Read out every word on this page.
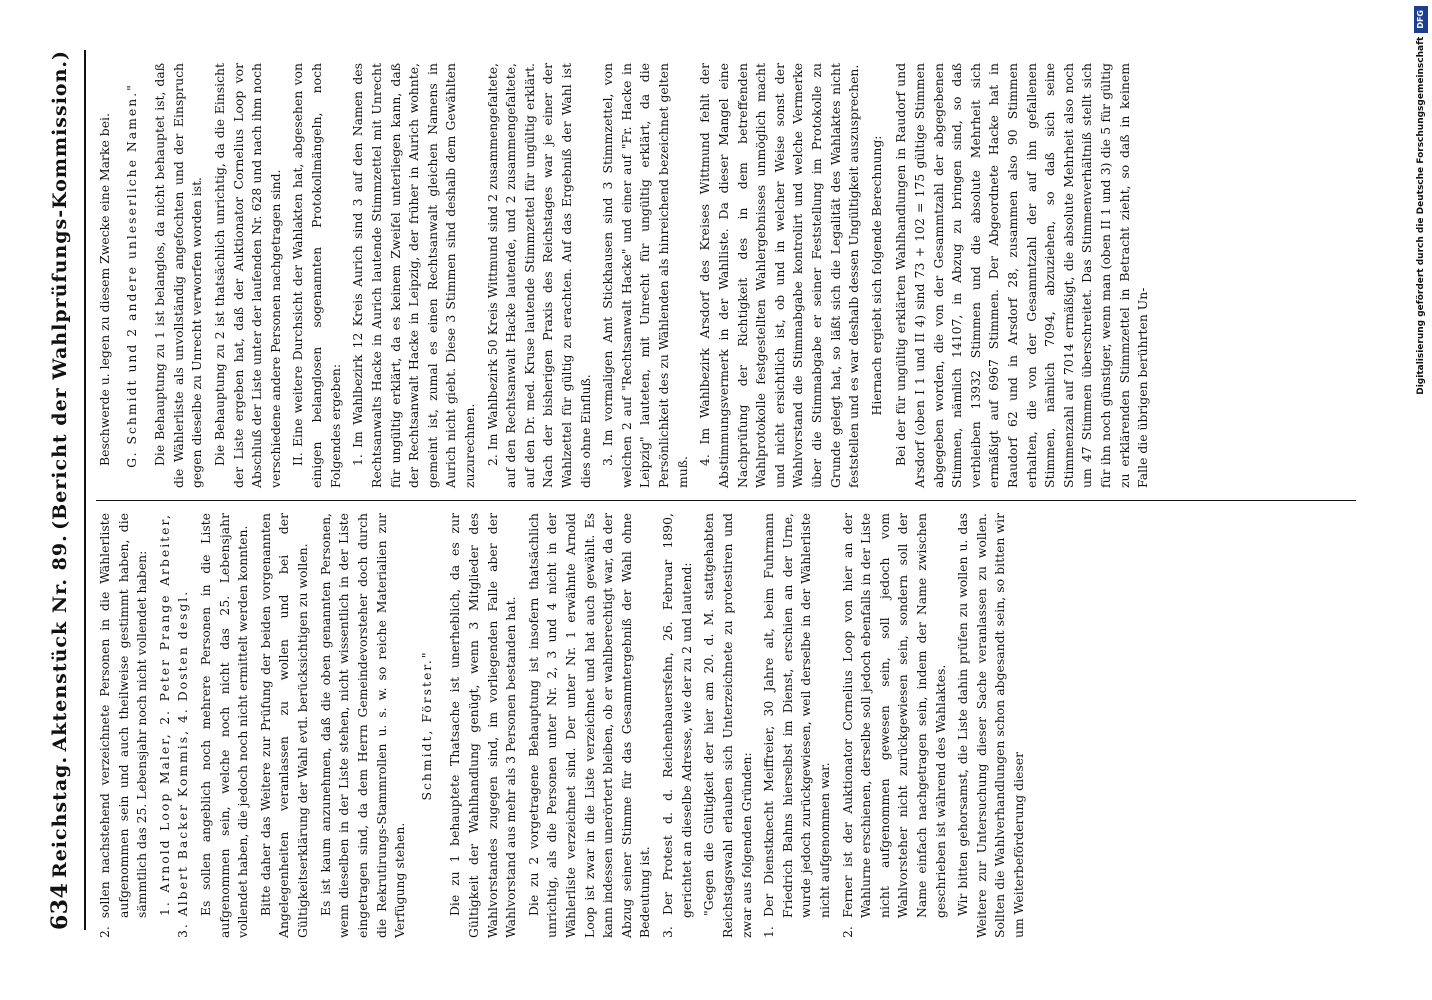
634
Reichstag.
Aktenstück Nr. 89.
(Bericht der Wahlprüfungs-Kommission.)

2. sollen nachstehend verzeichnete Personen in die Wählerliste aufgenommen sein und auch theilweise gestimmt haben, die sämmtlich das 25. Lebensjahr noch nicht vollendet haben: 1. Arnold Loop Maler, 2. Peter Prange Arbeiter, 3. Albert Backer Kommis, 4. Dosten desgl. Es sollen angeblich noch mehrere Personen in die Liste aufgenommen sein, welche noch nicht das 25. Lebensjahr vollendet haben, die jedoch noch nicht ermittelt werden konnten. Bitte daher das Weitere zur Prüfung der beiden vorgenannten Angelegenheiten veranlassen zu wollen und bei der Gültigkeitserklärung der Wahl evtl. berücksichtigen zu wollen. Es ist kaum anzunehmen, daß die oben genannten Personen, wenn dieselben in der Liste stehen, nicht wissentlich in der Liste eingetragen sind, da dem Herrn Gemeindevorsteher doch durch die Rekrutirungs-Stammrollen u. s. w. so reiche Materialien zur Verfügung stehen.

Schmidt, Förster." Die zu 1 behauptete Thatsache ist unerheblich, da es zur Gültigkeit der Wahlhandlung genügt, wenn 3 Mitglieder des Wahlvorstandes zugegen sind, im vorliegenden Falle aber der Wahlvorstand aus mehr als 3 Personen bestanden hat. Die zu 2 vorgetragene Behauptung ist insofern thatsächlich unrichtig, als die Personen unter Nr. 2, 3 und 4 nicht in der Wählerliste verzeichnet sind. Der unter Nr. 1 erwähnte Arnold Loop ist zwar in die Liste verzeichnet und hat auch gewählt. Es kann indessen unerörtert bleiben, ob er wahlberechtigt war, da der Abzug seiner Stimme für das Gesammtergebniß der Wahl ohne Bedeutung ist. 3. Der Protest d. d. Reichenbauersfehn, 26. Februar 1890, gerichtet an dieselbe Adresse, wie der zu 2 und lautend: "Gegen die Gültigkeit der hier am 20. d. M. stattgehabten Reichstagswahl erlauben sich Unterzeichnete zu protestiren und zwar aus folgenden Gründen: 1. Der Dienstknecht Meiffreier, 30 Jahre alt, beim Fuhrmann Friedrich Bahns hierselbst im Dienst, erschien an der Urne, wurde jedoch zurückgewiesen, weil derselbe in der Wählerliste nicht aufgenommen war. 2. Ferner ist der Auktionator Cornelius Loop von hier an der Wahlurne erschienen, derselbe soll jedoch ebenfalls in der Liste nicht aufgenommen gewesen sein, soll jedoch vom Wahlvorsteher nicht zurückgewiesen sein, sondern soll der Name einfach nachgetragen sein, indem der Name zwischen geschrieben ist während des Wahlaktes. Wir bitten gehorsamst, die Liste dahin prüfen zu wollen u. das Weitere zur Untersuchung dieser Sache veranlassen zu wollen. Sollten die Wahlverhandlungen schon abgesandt sein, so bitten wir um Weiterbeförderung dieser

Beschwerde u. legen zu diesem Zwecke eine Marke bei. G. Schmidt und 2 andere unleserliche Namen." Die Behauptung zu 1 ist belanglos, da nicht behauptet ist, daß die Wählerliste als unvollständig angefochten und der Einspruch gegen dieselbe zu Unrecht verworfen worden ist. Die Behauptung zu 2 ist thatsächlich unrichtig, da die Einsicht der Liste ergeben hat, daß der Auktionator Cornelius Loop vor Abschluß der Liste unter der laufenden Nr. 628 und nach ihm noch verschiedene andere Personen nachgetragen sind. II. Eine weitere Durchsicht der Wahlakten hat, abgesehen von einigen belanglosen sogenannten Protokollmängeln, noch Folgendes ergeben: 1. Im Wahlbezirk 12 Kreis Aurich sind 3 auf den Namen des Rechtsanwalts Hacke in Aurich lautende Stimmzettel mit Unrecht für ungültig erklärt, da es keinem Zweifel unterliegen kann, daß der Rechtsanwalt Hacke in Leipzig, der früher in Aurich wohnte, gemeint ist, zumal es einen Rechtsanwalt gleichen Namens in Aurich nicht giebt. Diese 3 Stimmen sind deshalb dem Gewählten zuzurechnen. 2. Im Wahlbezirk 50 Kreis Wittmund sind 2 zusammengefaltete, auf den Rechtsanwalt Hacke lautende, und 2 zusammengefaltete, auf den Dr. med. Kruse lautende Stimmzettel für ungültig erklärt. Nach der bisherigen Praxis des Reichstages war je einer der Wahlzettel für gültig zu erachten. Auf das Ergebniß der Wahl ist dies ohne Einfluß. 3. Im vormaligen Amt Stickhausen sind 3 Stimmzettel, von welchen 2 auf "Rechtsanwalt Hacke" und einer auf "Fr. Hacke in Leipzig" lauteten, mit Unrecht für ungültig erklärt, da die Persönlichkeit des zu Wählenden als hinreichend bezeichnet gelten muß.

4. Im Wahlbezirk Arsdorf des Kreises Wittmund fehlt der Abstimmungsvermerk in der Wahlliste. Da dieser Mangel eine Nachprüfung der Richtigkeit des in dem betreffenden Wahlprotokolle festgestellten Wahlergebnisses unmöglich macht und nicht ersichtlich ist, ob und in welcher Weise sonst der Wahlvorstand die Stimmabgabe kontrolirt und welche Vermerke über die Stimmabgabe er seiner Feststellung im Protokolle zu Grunde gelegt hat, so läßt sich die Legalität des Wahlaktes nicht feststellen und es war deshalb dessen Ungültigkeit auszusprechen. Hiernach ergiebt sich folgende Berechnung: Bei der für ungültig erklärten Wahlhandlungen in Raudorf und Arsdorf (oben I 1 und II 4) sind 73 + 102 = 175 gültige Stimmen abgegeben worden, die von der Gesammtzahl der abgegebenen Stimmen, nämlich 14107, in Abzug zu bringen sind, so daß verbleiben 13932 Stimmen und die absolute Mehrheit sich ermäßigt auf 6967 Stimmen. Der Abgeordnete Hacke hat in Raudorf 62 und in Arsdorf 28, zusammen also 90 Stimmen erhalten, die von der Gesammtzahl der auf ihn gefallenen Stimmen, nämlich 7094, abzuziehen, so daß sich seine Stimmenzahl auf 7014 ermäßigt, die absolute Mehrheit also noch um 47 Stimmen überschreitet. Das Stimmenverhältniß stellt sich für ihn noch günstiger, wenn man (oben II 1 und 3) die 5 für gültig zu erklärenden Stimmzettel in Betracht zieht, so daß in keinem Falle die übrigen berührten Un-	Digitalisierung gefördert durch die Deutsche ForschungsgemeinschaftDFG
